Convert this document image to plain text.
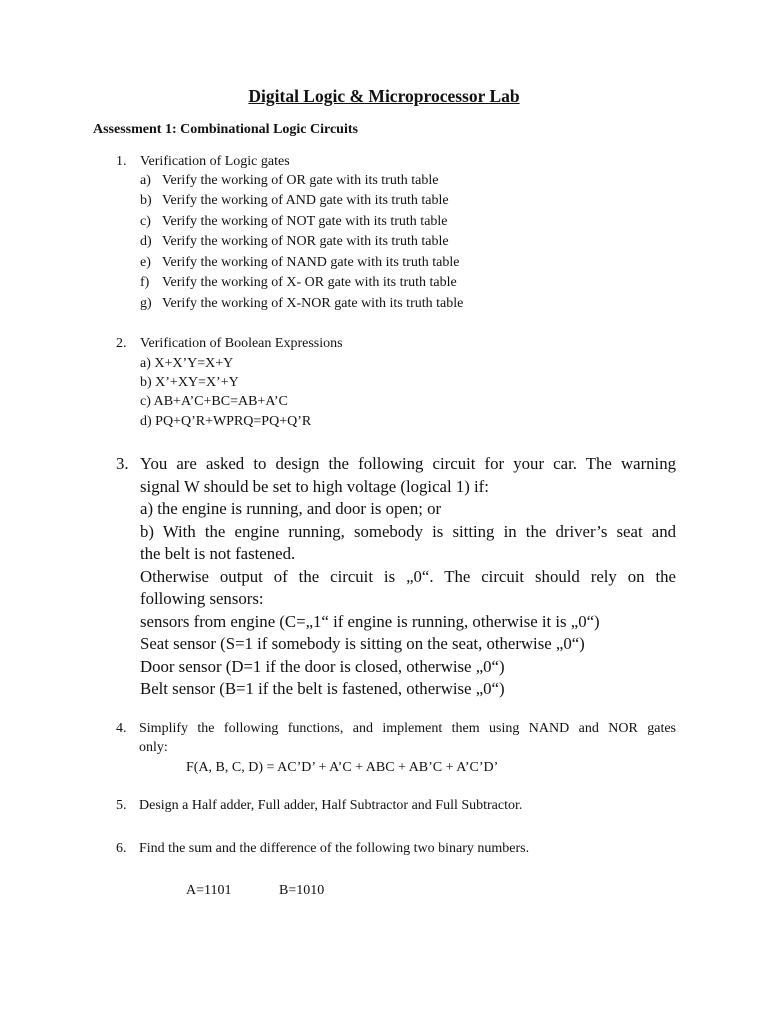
Digital Logic & Microprocessor Lab
Assessment 1: Combinational Logic Circuits
1. Verification of Logic gates
a) Verify the working of OR gate with its truth table
b) Verify the working of AND gate with its truth table
c) Verify the working of NOT gate with its truth table
d) Verify the working of NOR gate with its truth table
e) Verify the working of NAND gate with its truth table
f) Verify the working of X- OR gate with its truth table
g) Verify the working of X-NOR gate with its truth table
2. Verification of Boolean Expressions
a) X+X’Y=X+Y
b) X’+XY=X’+Y
c) AB+A’C+BC=AB+A’C
d) PQ+Q’R+WPRQ=PQ+Q’R
3. You are asked to design the following circuit for your car. The warning
signal W should be set to high voltage (logical 1) if:
a) the engine is running, and door is open; or
b) With the engine running, somebody is sitting in the driver’s seat and
the belt is not fastened.
Otherwise output of the circuit is „0“. The circuit should rely on the
following sensors:
sensors from engine (C=„1“ if engine is running, otherwise it is „0“)
Seat sensor (S=1 if somebody is sitting on the seat, otherwise „0“)
Door sensor (D=1 if the door is closed, otherwise „0“)
Belt sensor (B=1 if the belt is fastened, otherwise „0“)
4. Simplify the following functions, and implement them using NAND and NOR gates
only:
F(A, B, C, D) = AC’D’ + A’C + ABC + AB’C + A’C’D’
5. Design a Half adder, Full adder, Half Subtractor and Full Subtractor.
6. Find the sum and the difference of the following two binary numbers.
A=1101	B=1010
